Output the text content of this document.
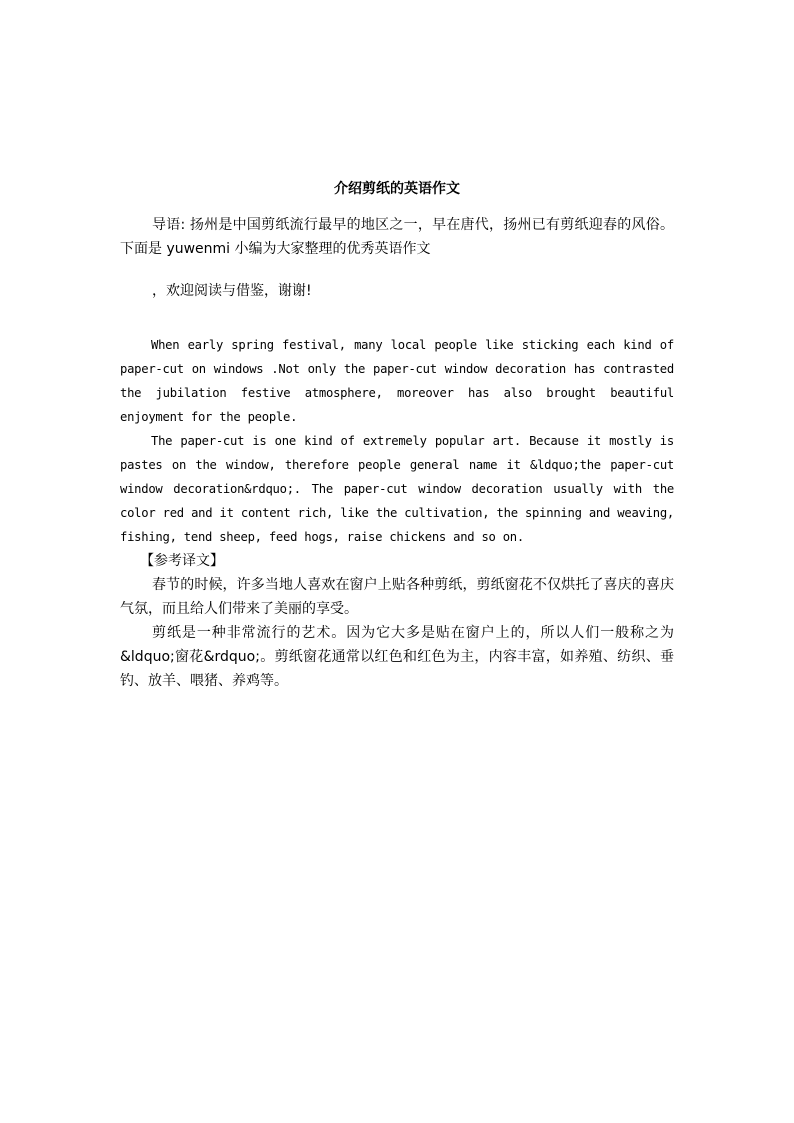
介绍剪纸的英语作文

导语: 扬州是中国剪纸流行最早的地区之一，早在唐代，扬州已有剪纸迎春的风俗。下面是 yuwenmi 小编为大家整理的优秀英语作文

，欢迎阅读与借鉴，谢谢!

When early spring festival, many local people like sticking each kind of paper-cut on windows .Not only the paper-cut window decoration has contrasted the jubilation festive atmosphere, moreover has also brought beautiful enjoyment for the people.

The paper-cut is one kind of extremely popular art. Because it mostly is pastes on the window, therefore people general name it &ldquo;the paper-cut window decoration&rdquo;. The paper-cut window decoration usually with the color red and it content rich, like the cultivation, the spinning and weaving, fishing, tend sheep, feed hogs, raise chickens and so on.

【参考译文】

春节的时候，许多当地人喜欢在窗户上贴各种剪纸，剪纸窗花不仅烘托了喜庆的喜庆气氛，而且给人们带来了美丽的享受。

剪纸是一种非常流行的艺术。因为它大多是贴在窗户上的，所以人们一般称之为&ldquo;窗花&rdquo;。剪纸窗花通常以红色和红色为主，内容丰富，如养殖、纺织、垂钓、放羊、喂猪、养鸡等。
